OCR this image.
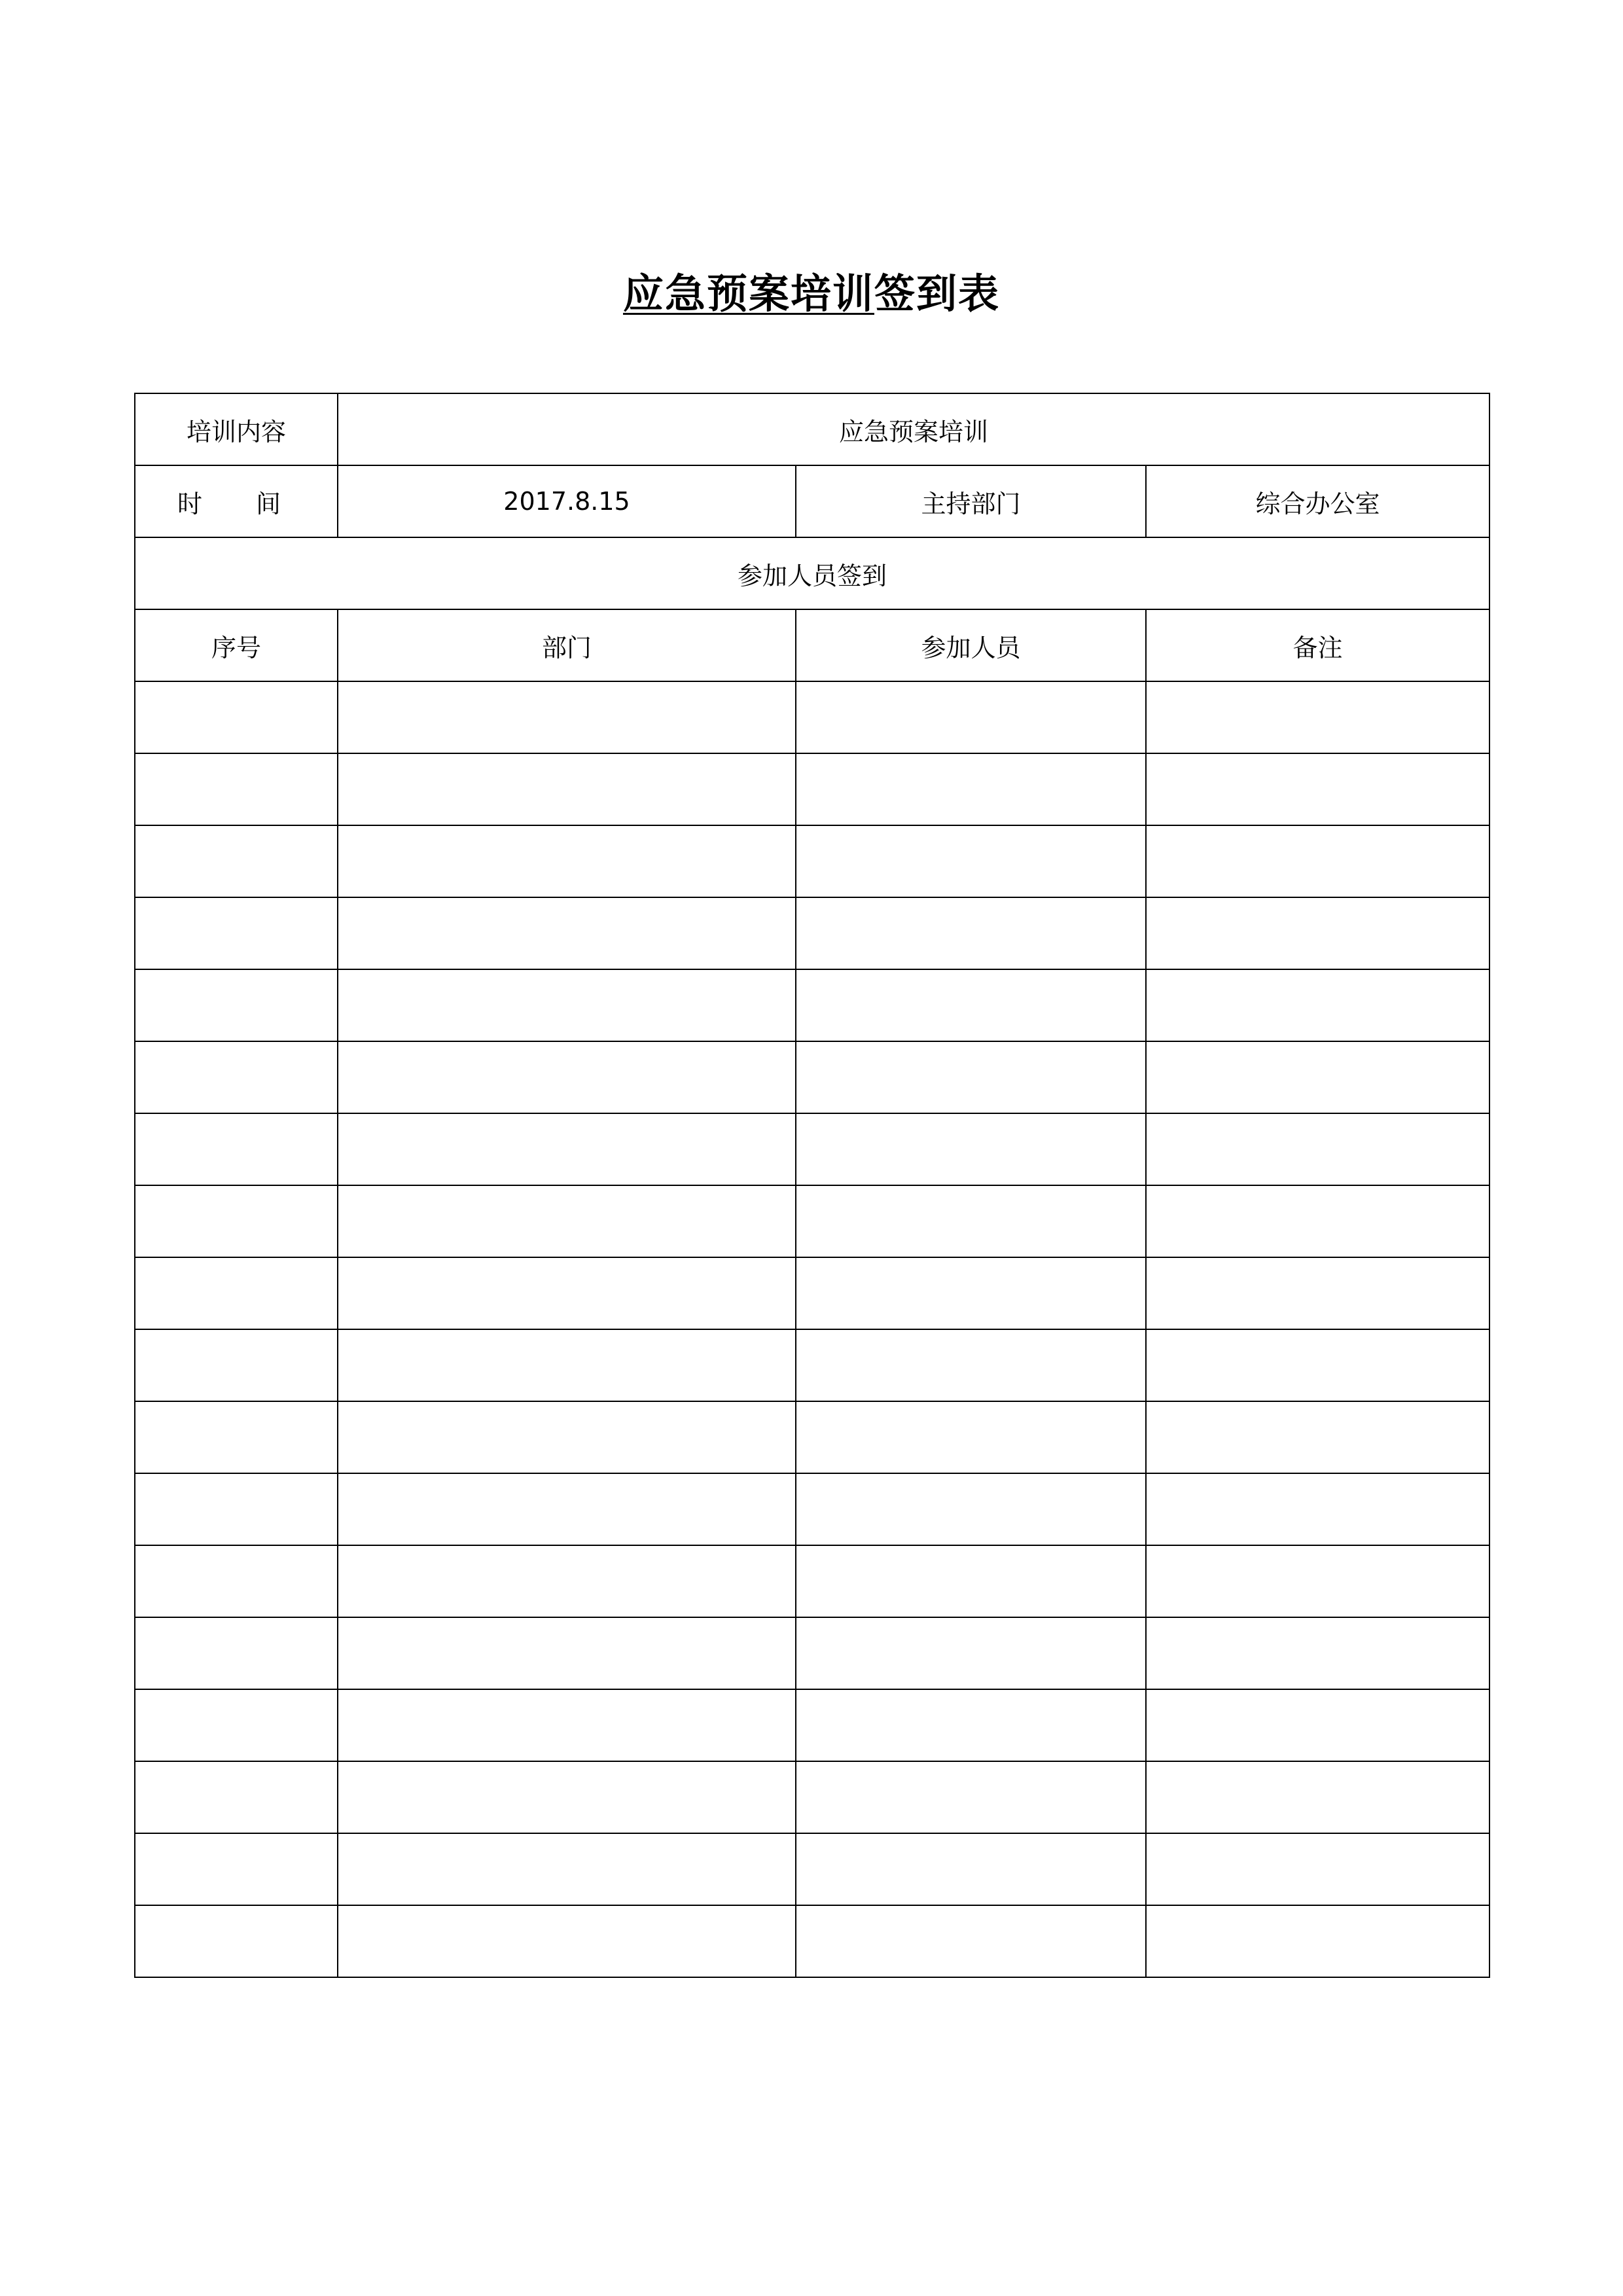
应急预案培训签到表
培训内容	应急预案培训		
时　间	2017.8.15	主持部门	综合办公室
参加人员签到			
序号	部门	参加人员	备注
